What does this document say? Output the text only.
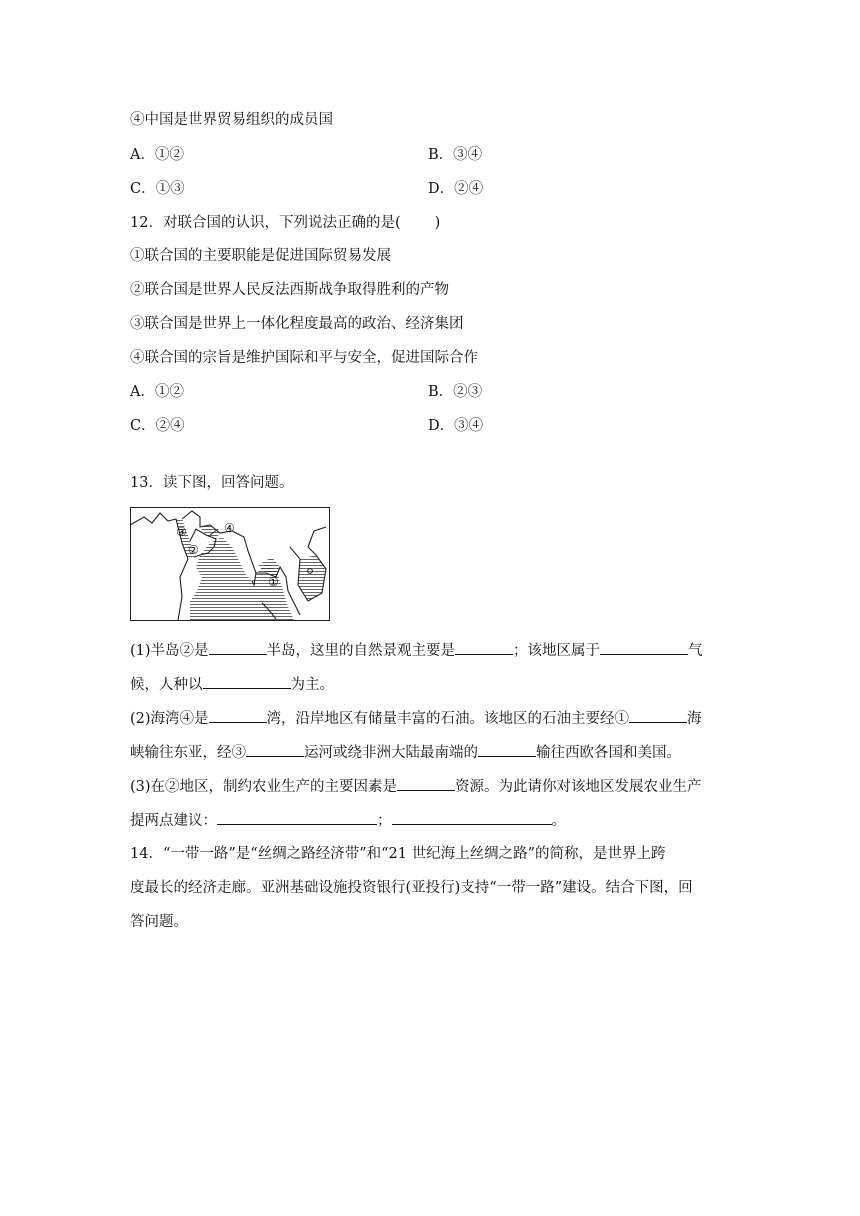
④中国是世界贸易组织的成员国
A．①②	B．③④
C．①③	D．②④
12．对联合国的认识，下列说法正确的是( )
①联合国的主要职能是促进国际贸易发展
②联合国是世界人民反法西斯战争取得胜利的产物
③联合国是世界上一体化程度最高的政治、经济集团
④联合国的宗旨是维护国际和平与安全，促进国际合作
A．①②	B．②③
C．②④	D．③④
13．读下图，回答问题。
③
②
④
①
(1)半岛②是	半岛，这里的自然景观主要是	；该地区属于	气
候，人种以	为主。
(2)海湾④是	湾，沿岸地区有储量丰富的石油。该地区的石油主要经①	海
峡输往东亚，经③	运河或绕非洲大陆最南端的	输往西欧各国和美国。
(3)在②地区，制约农业生产的主要因素是	资源。为此请你对该地区发展农业生产
提两点建议：	；	。
14．“一带一路”是“丝绸之路经济带”和“21 世纪海上丝绸之路”的简称，是世界上跨
度最长的经济走廊。亚洲基础设施投资银行(亚投行)支持“一带一路”建设。结合下图，回
答问题。
